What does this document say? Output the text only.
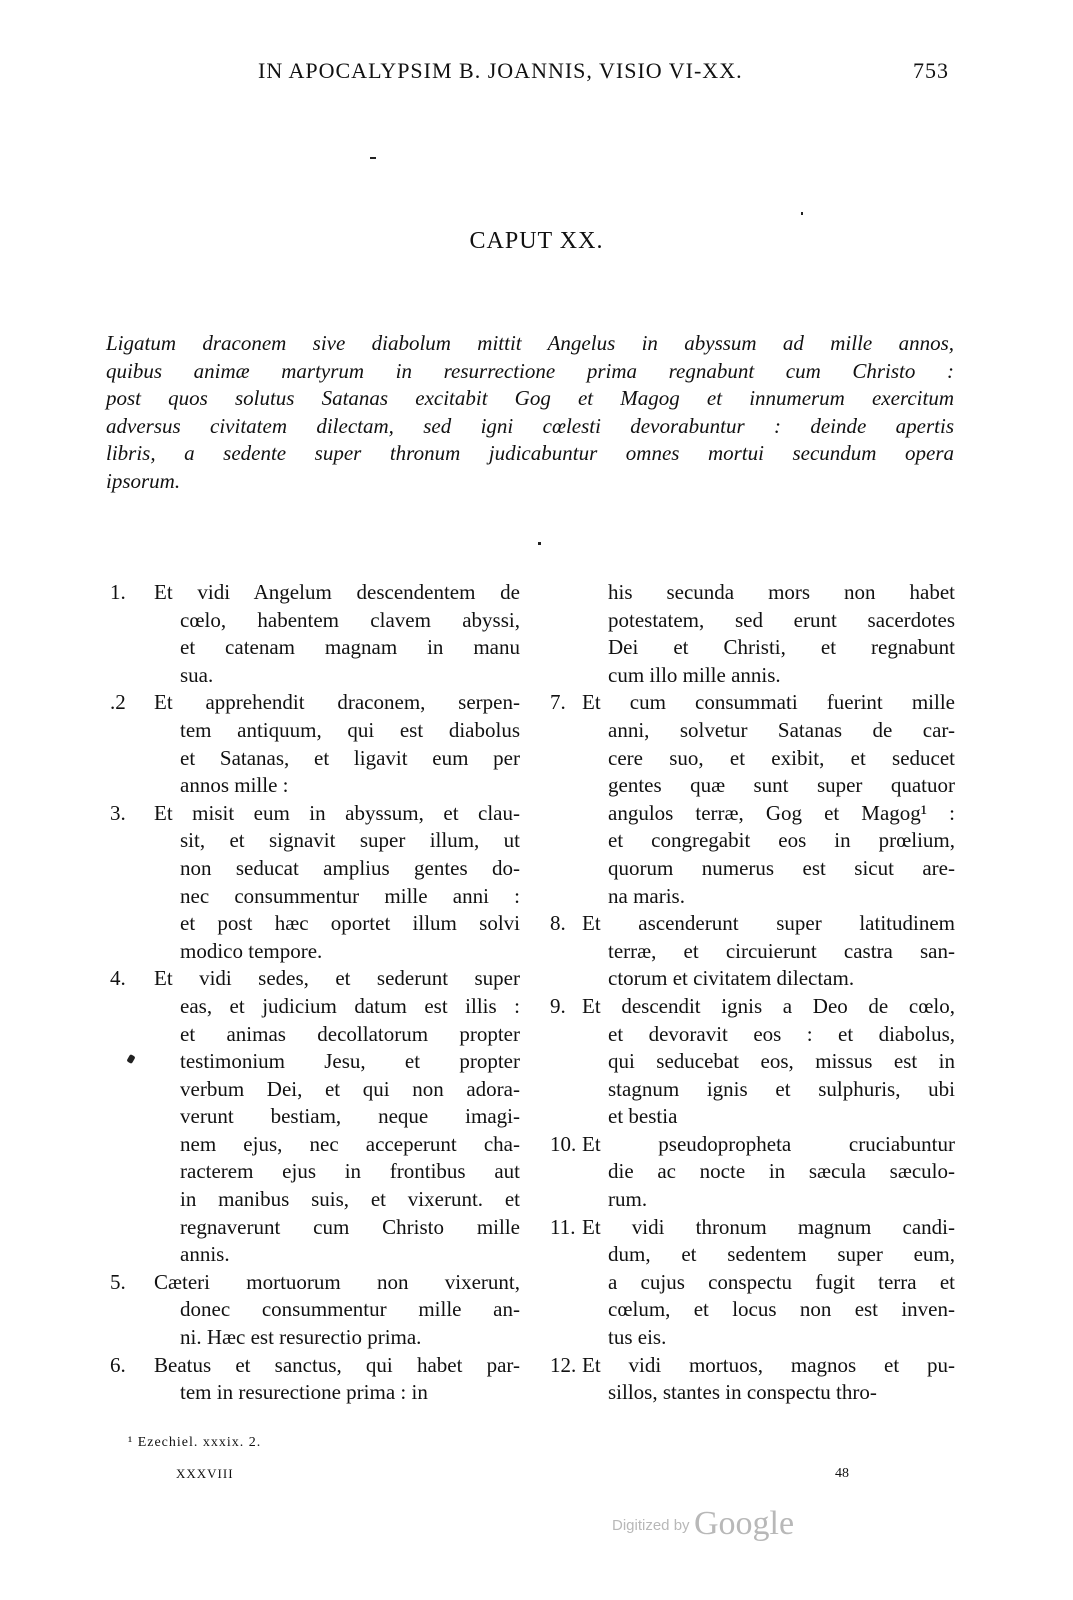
IN APOCALYPSIM B. JOANNIS, VISIO VI-XX.	753
CAPUT XX.
Ligatum draconem sive diabolum mittit Angelus in abyssum ad mille annos,
quibus animæ martyrum in resurrectione prima regnabunt cum Christo :
post quos solutus Satanas excitabit Gog et Magog et innumerum exercitum
adversus civitatem dilectam, sed igni cœlesti devorabuntur : deinde apertis
libris, a sedente super thronum judicabuntur omnes mortui secundum opera
ipsorum.
1.	Et vidi Angelum descendentem de
cœlo, habentem clavem abyssi,
et catenam magnam in manu
sua.
.2	Et apprehendit draconem, serpen-
tem antiquum, qui est diabolus
et Satanas, et ligavit eum per
annos mille :
3.	Et misit eum in abyssum, et clau-
sit, et signavit super illum, ut
non seducat amplius gentes do-
nec consummentur mille anni :
et post hæc oportet illum solvi
modico tempore.
4.	Et vidi sedes, et sederunt super
eas, et judicium datum est illis :
et animas decollatorum propter
testimonium Jesu, et propter
verbum Dei, et qui non adora-
verunt bestiam, neque imagi-
nem ejus, nec acceperunt cha-
racterem ejus in frontibus aut
in manibus suis, et vixerunt. et
regnaverunt cum Christo mille
annis.
5.	Cæteri mortuorum non vixerunt,
donec consummentur mille an-
ni. Hæc est resurectio prima.
6.	Beatus et sanctus, qui habet par-
tem in resurectione prima : in
his secunda mors non habet
potestatem, sed erunt sacerdotes
Dei et Christi, et regnabunt
cum illo mille annis.
7. Et cum consummati fuerint mille
anni, solvetur Satanas de car-
cere suo, et exibit, et seducet
gentes quæ sunt super quatuor
angulos terræ, Gog et Magog¹ :
et congregabit eos in prœlium,
quorum numerus est sicut are-
na maris.
8. Et ascenderunt super latitudinem
terræ, et circuierunt castra san-
ctorum et civitatem dilectam.
9. Et descendit ignis a Deo de cœlo,
et devoravit eos : et diabolus,
qui seducebat eos, missus est in
stagnum ignis et sulphuris, ubi
et bestia
10. Et pseudopropheta cruciabuntur
die ac nocte in sæcula sæculo-
rum.
11. Et vidi thronum magnum candi-
dum, et sedentem super eum,
a cujus conspectu fugit terra et
cœlum, et locus non est inven-
tus eis.
12. Et vidi mortuos, magnos et pu-
sillos, stantes in conspectu thro-
¹ Ezechiel. xxxix. 2.
XXXVIII	48
Digitized by Google
